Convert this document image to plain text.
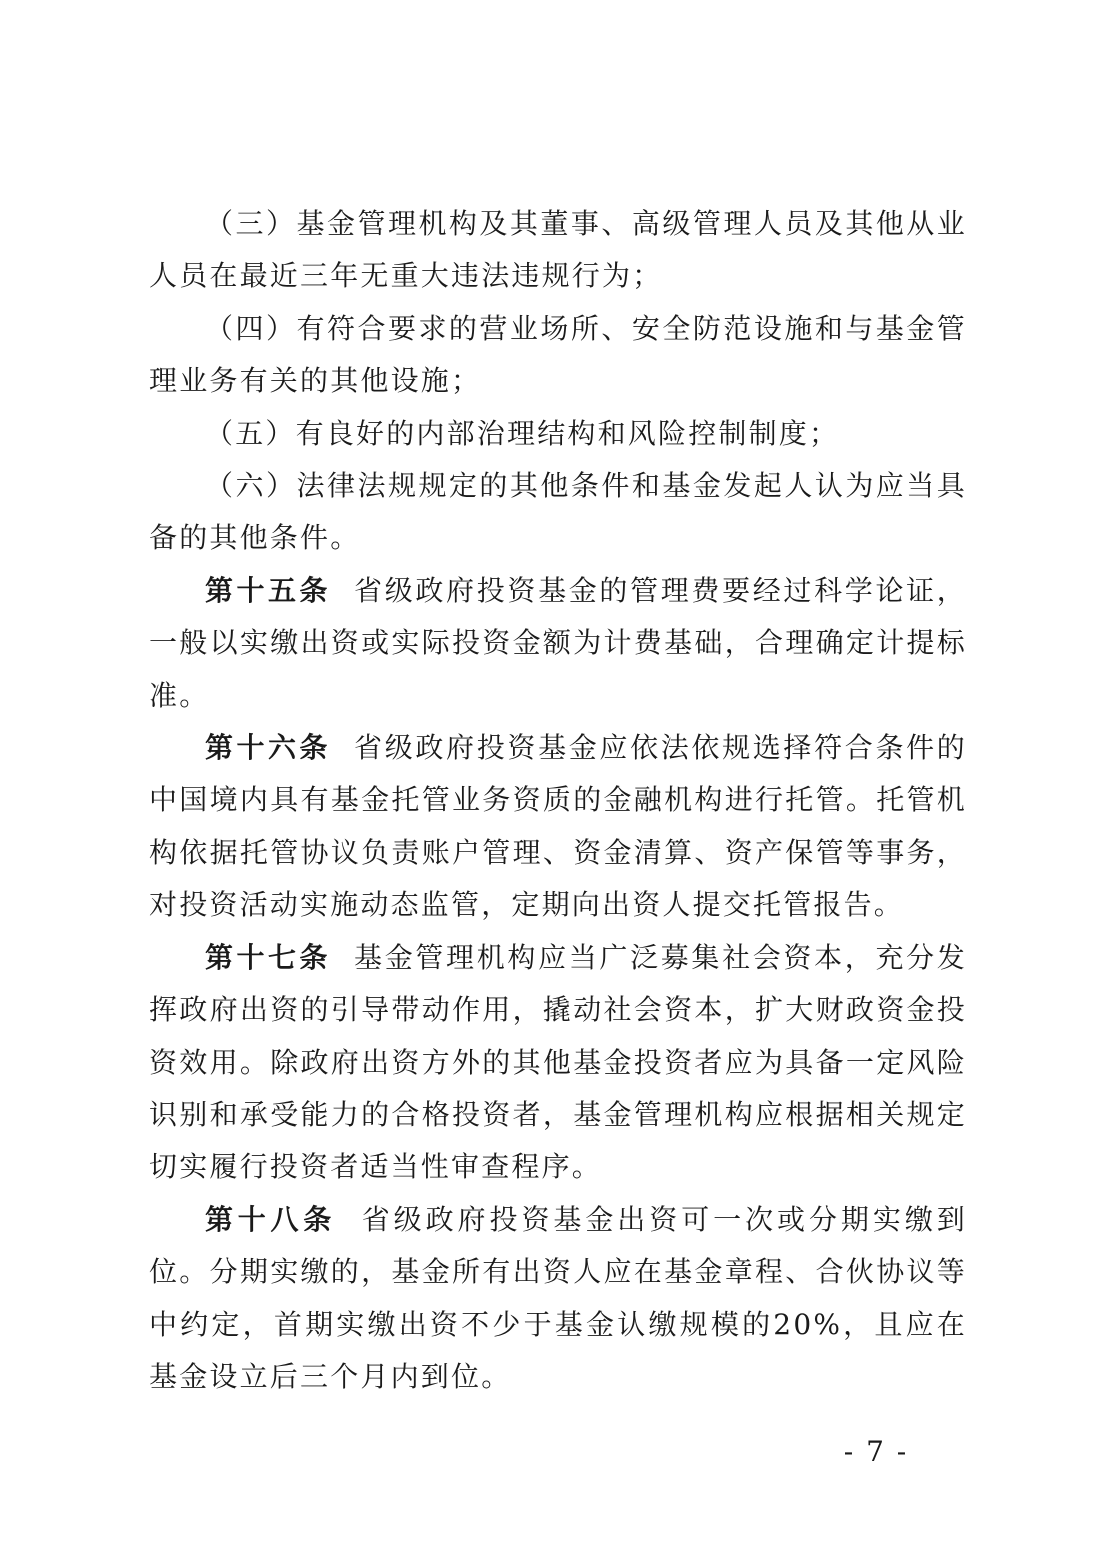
（三）基金管理机构及其董事、高级管理人员及其他从业人员在最近三年无重大违法违规行为；

（四）有符合要求的营业场所、安全防范设施和与基金管理业务有关的其他设施；

（五）有良好的内部治理结构和风险控制制度；

（六）法律法规规定的其他条件和基金发起人认为应当具备的其他条件。

第十五条 省级政府投资基金的管理费要经过科学论证，一般以实缴出资或实际投资金额为计费基础，合理确定计提标准。

第十六条 省级政府投资基金应依法依规选择符合条件的中国境内具有基金托管业务资质的金融机构进行托管。托管机构依据托管协议负责账户管理、资金清算、资产保管等事务，对投资活动实施动态监管，定期向出资人提交托管报告。

第十七条 基金管理机构应当广泛募集社会资本，充分发挥政府出资的引导带动作用，撬动社会资本，扩大财政资金投资效用。除政府出资方外的其他基金投资者应为具备一定风险识别和承受能力的合格投资者，基金管理机构应根据相关规定切实履行投资者适当性审查程序。

第十八条 省级政府投资基金出资可一次或分期实缴到位。分期实缴的，基金所有出资人应在基金章程、合伙协议等中约定，首期实缴出资不少于基金认缴规模的20%，且应在基金设立后三个月内到位。

- 7 -
